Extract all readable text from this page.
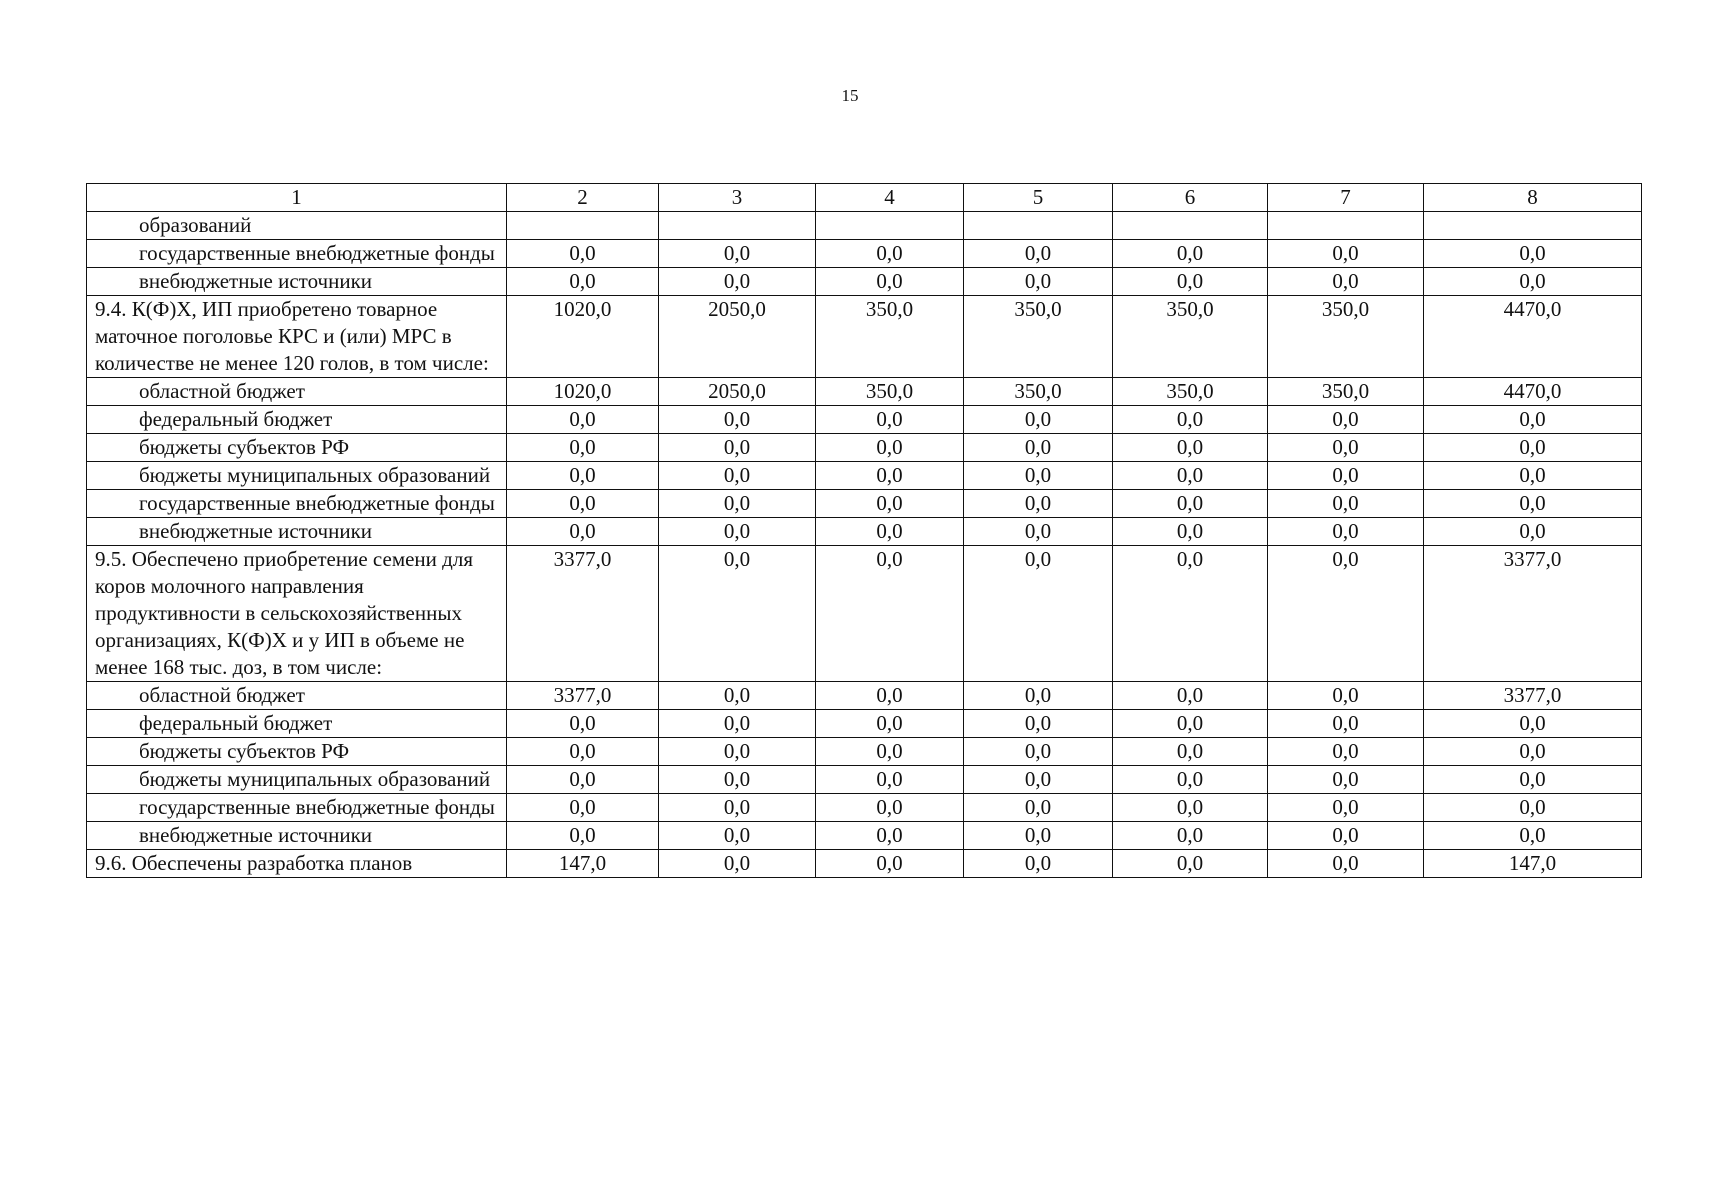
15
1	2	3	4	5	6	7	8
образований							
государственные внебюджетные фонды	0,0	0,0	0,0	0,0	0,0	0,0	0,0
внебюджетные источники	0,0	0,0	0,0	0,0	0,0	0,0	0,0
9.4. К(Ф)Х, ИП приобретено товарное маточное поголовье КРС и (или) МРС в количестве не менее 120 голов, в том числе:	1020,0	2050,0	350,0	350,0	350,0	350,0	4470,0
областной бюджет	1020,0	2050,0	350,0	350,0	350,0	350,0	4470,0
федеральный бюджет	0,0	0,0	0,0	0,0	0,0	0,0	0,0
бюджеты субъектов РФ	0,0	0,0	0,0	0,0	0,0	0,0	0,0
бюджеты муниципальных образований	0,0	0,0	0,0	0,0	0,0	0,0	0,0
государственные внебюджетные фонды	0,0	0,0	0,0	0,0	0,0	0,0	0,0
внебюджетные источники	0,0	0,0	0,0	0,0	0,0	0,0	0,0
9.5. Обеспечено приобретение семени для коров молочного направления продуктивности в сельскохозяйственных организациях, К(Ф)Х и у ИП в объеме не менее 168 тыс. доз, в том числе:	3377,0	0,0	0,0	0,0	0,0	0,0	3377,0
областной бюджет	3377,0	0,0	0,0	0,0	0,0	0,0	3377,0
федеральный бюджет	0,0	0,0	0,0	0,0	0,0	0,0	0,0
бюджеты субъектов РФ	0,0	0,0	0,0	0,0	0,0	0,0	0,0
бюджеты муниципальных образований	0,0	0,0	0,0	0,0	0,0	0,0	0,0
государственные внебюджетные фонды	0,0	0,0	0,0	0,0	0,0	0,0	0,0
внебюджетные источники	0,0	0,0	0,0	0,0	0,0	0,0	0,0
9.6. Обеспечены разработка планов	147,0	0,0	0,0	0,0	0,0	0,0	147,0
